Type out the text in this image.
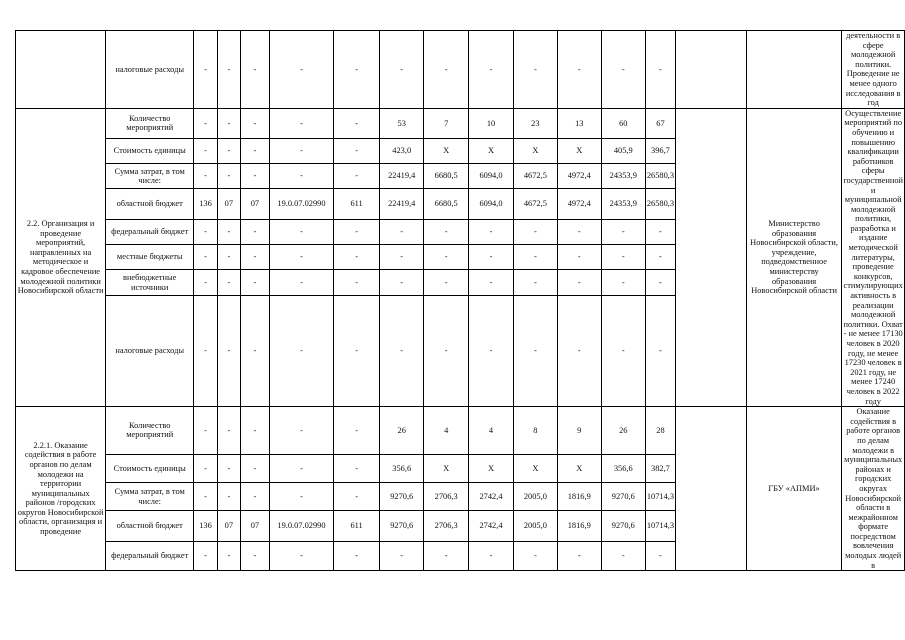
	налоговые расходы	-	-	-	-	-	-	-	-	-	-	-	-			деятельности в сфере молодежной политики. Проведение не менее одного исследования в год
2.2. Организация и проведение мероприятий, направленных на методическое и кадровое обеспечение молодежной политики Новосибирской области	Количество мероприятий	-	-	-	-	-	53	7	10	23	13	60	67		Министерство образования Новосибирской области, учреждение, подведомственное министерству образования Новосибирской области	Осуществление мероприятий по обучению и повышению квалификации работников сферы государственной и муниципальной молодежной политики, разработка и издание методической литературы, проведение конкурсов, стимулирующих активность в реализации молодежной политики. Охват - не менее 17130 человек в 2020 году, не менее 17230 человек в 2021 году, не менее 17240 человек в 2022 году
	Стоимость единицы	-	-	-	-	-	423,0	X	X	X	X	405,9	396,7			
	Сумма затрат, в том числе:	-	-	-	-	-	22419,4	6680,5	6094,0	4672,5	4972,4	24353,9	26580,3			
	областной бюджет	136	07	07	19.0.07.02990	611	22419,4	6680,5	6094,0	4672,5	4972,4	24353,9	26580,3			
	федеральный бюджет	-	-	-	-	-	-	-	-	-	-	-	-			
	местные бюджеты	-	-	-	-	-	-	-	-	-	-	-	-			
	внебюджетные источники	-	-	-	-	-	-	-	-	-	-	-	-			
	налоговые расходы	-	-	-	-	-	-	-	-	-	-	-	-			
2.2.1. Оказание содействия в работе органов по делам молодежи на территории муниципальных районов /городских округов Новосибирской области, организация и проведение	Количество мероприятий	-	-	-	-	-	26	4	4	8	9	26	28		ГБУ «АПМИ»	Оказание содействия в работе органов по делам молодежи в муниципальных районах и городских округах Новосибирской области в межрайонном формате посредством вовлечения молодых людей в
	Стоимость единицы	-	-	-	-	-	356,6	X	X	X	X	356,6	382,7			
	Сумма затрат, в том числе:	-	-	-	-	-	9270,6	2706,3	2742,4	2005,0	1816,9	9270,6	10714,3			
	областной бюджет	136	07	07	19.0.07.02990	611	9270,6	2706,3	2742,4	2005,0	1816,9	9270,6	10714,3			
	федеральный бюджет	-	-	-	-	-	-	-	-	-	-	-	-			
